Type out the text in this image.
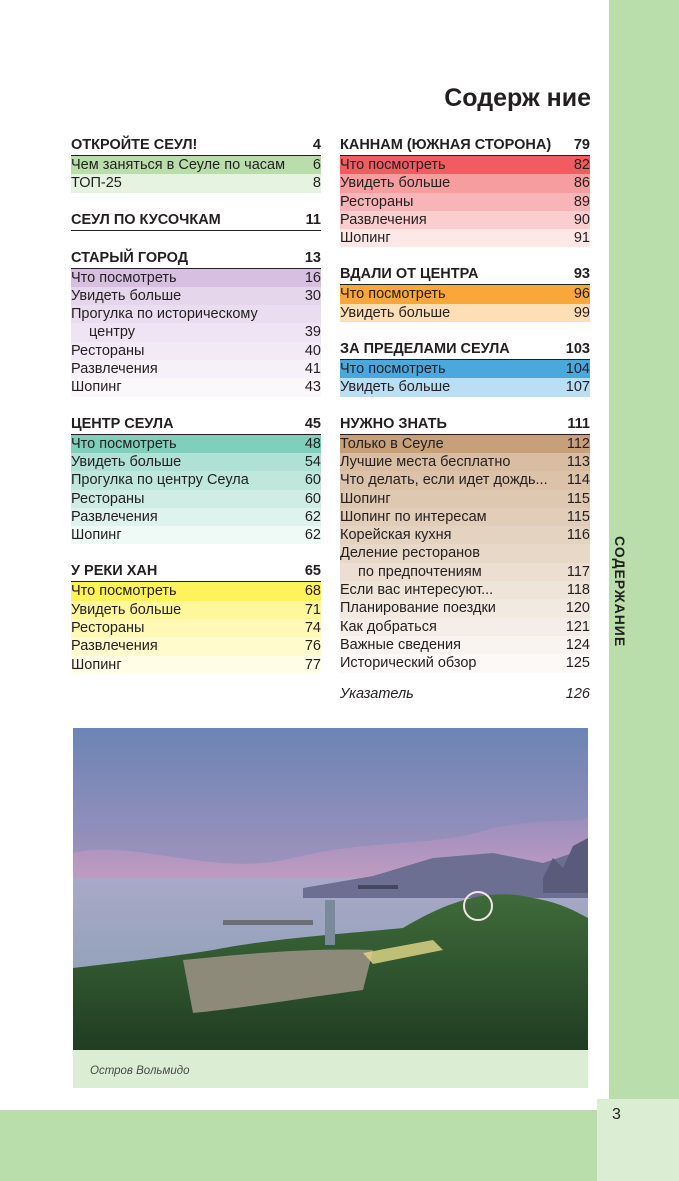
3
СОДЕРЖАНИЕ
Содерж ние
ОТКРОЙТЕ СЕУЛ!	4
Чем заняться в Сеуле по часам 6
ТОП-25	8
СЕУЛ ПО КУСОЧКАМ	11
СТАРЫЙ ГОРОД	13
Что посмотреть	16
Увидеть больше	30
Прогулка по историческому
центру	39
Рестораны	40
Развлечения	41
Шопинг	43
ЦЕНТР СЕУЛА	45
Что посмотреть	48
Увидеть больше	54
Прогулка по центру Сеула	60
Рестораны	60
Развлечения	62
Шопинг	62
У РЕКИ ХАН	65
Что посмотреть	68
Увидеть больше	71
Рестораны	74
Развлечения	76
Шопинг	77
КАННАМ (ЮЖНАЯ СТОРОНА) 79
Что посмотреть	82
Увидеть больше	86
Рестораны	89
Развлечения	90
Шопинг	91
ВДАЛИ ОТ ЦЕНТРА	93
Что посмотреть	96
Увидеть больше	99
ЗА ПРЕДЕЛАМИ СЕУЛА	103
Что посмотреть	104
Увидеть больше	107
НУЖНО ЗНАТЬ	111
Только в Сеуле	112
Лучшие места бесплатно	113
Что делать, если идет дождь... 114
Шопинг	115
Шопинг по интересам	115
Корейская кухня	116
Деление ресторанов
по предпочтениям	117
Если вас интересуют...	118
Планирование поездки	120
Как добраться	121
Важные сведения	124
Исторический обзор	125
Указатель	126
Остров Вольмидо
